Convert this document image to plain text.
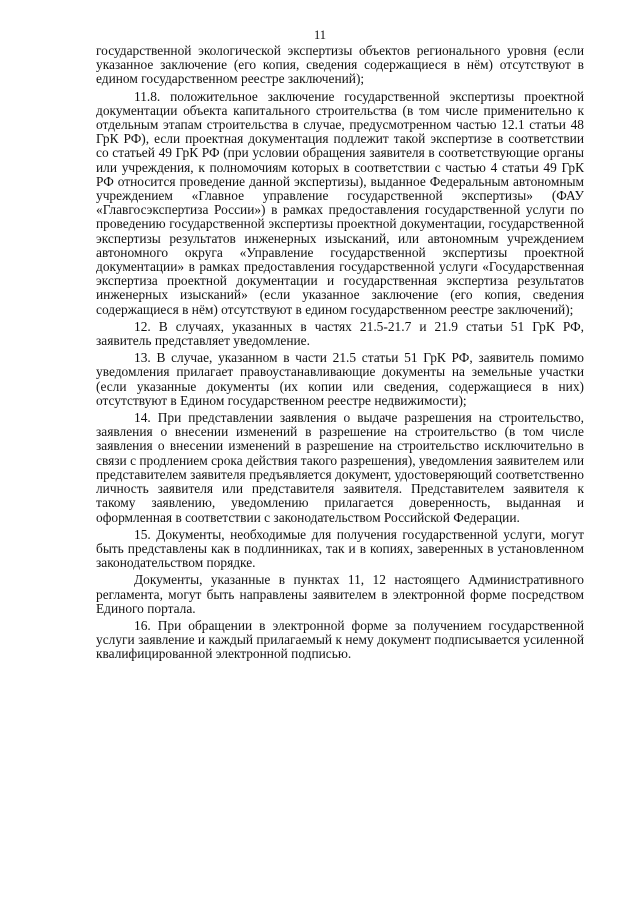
11

государственной экологической экспертизы объектов регионального уровня (если указанное заключение (его копия, сведения содержащиеся в нём) отсутствуют в едином государственном реестре заключений);

11.8. положительное заключение государственной экспертизы проектной документации объекта капитального строительства (в том числе применительно к отдельным этапам строительства в случае, предусмотренном частью 12.1 статьи 48 ГрК РФ), если проектная документация подлежит такой экспертизе в соответствии со статьей 49 ГрК РФ (при условии обращения заявителя в соответствующие органы или учреждения, к полномочиям которых в соответствии с частью 4 статьи 49 ГрК РФ относится проведение данной экспертизы), выданное Федеральным автономным учреждением «Главное управление государственной экспертизы» (ФАУ «Главгосэкспертиза России») в рамках предоставления государственной услуги по проведению государственной экспертизы проектной документации, государственной экспертизы результатов инженерных изысканий, или автономным учреждением автономного округа «Управление государственной экспертизы проектной документации» в рамках предоставления государственной услуги «Государственная экспертиза проектной документации и государственная экспертиза результатов инженерных изысканий» (если указанное заключение (его копия, сведения содержащиеся в нём) отсутствуют в едином государственном реестре заключений);

12. В случаях, указанных в частях 21.5-21.7 и 21.9 статьи 51 ГрК РФ, заявитель представляет уведомление.

13. В случае, указанном в части 21.5 статьи 51 ГрК РФ, заявитель помимо уведомления прилагает правоустанавливающие документы на земельные участки (если указанные документы (их копии или сведения, содержащиеся в них) отсутствуют в Едином государственном реестре недвижимости);

14. При представлении заявления о выдаче разрешения на строительство, заявления о внесении изменений в разрешение на строительство (в том числе заявления о внесении изменений в разрешение на строительство исключительно в связи с продлением срока действия такого разрешения), уведомления заявителем или представителем заявителя предъявляется документ, удостоверяющий соответственно личность заявителя или представителя заявителя. Представителем заявителя к такому заявлению, уведомлению прилагается доверенность, выданная и оформленная в соответствии с законодательством Российской Федерации.

15. Документы, необходимые для получения государственной услуги, могут быть представлены как в подлинниках, так и в копиях, заверенных в установленном законодательством порядке.

Документы, указанные в пунктах 11, 12 настоящего Административного регламента, могут быть направлены заявителем в электронной форме посредством Единого портала.

16. При обращении в электронной форме за получением государственной услуги заявление и каждый прилагаемый к нему документ подписывается усиленной квалифицированной электронной подписью.
